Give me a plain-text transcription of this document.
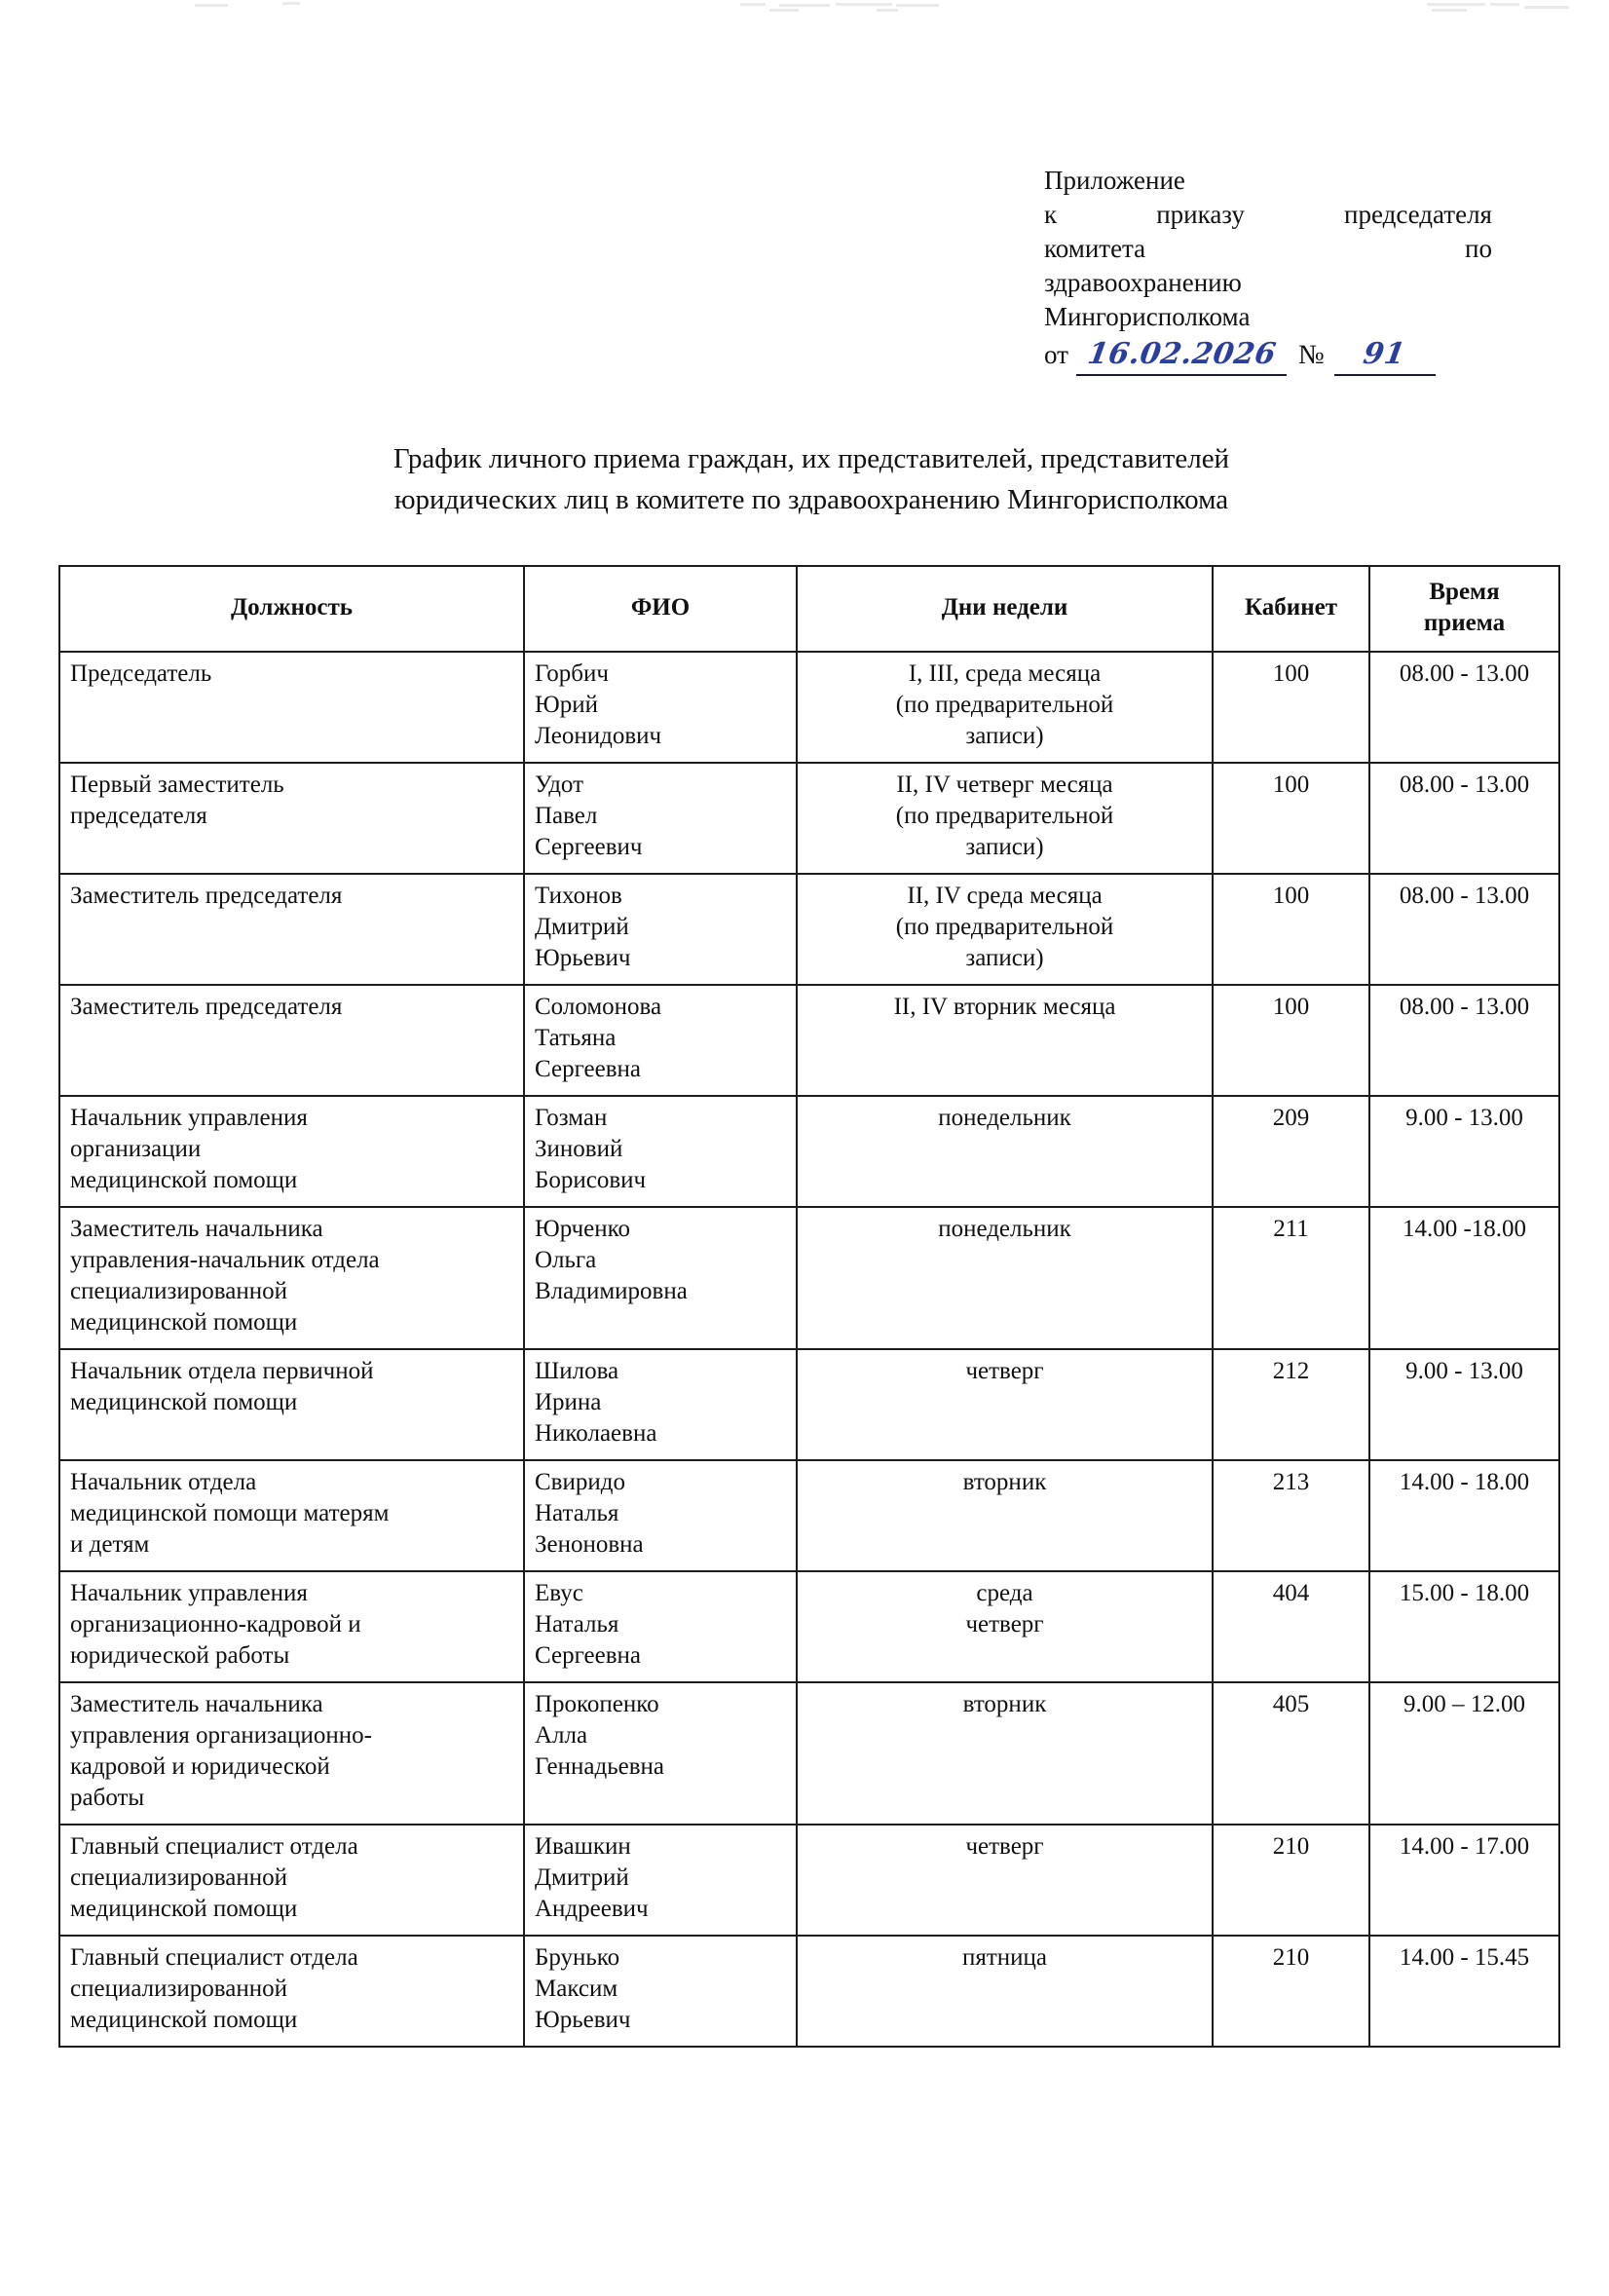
Приложение
к	приказу	председателя
комитета	по
здравоохранению
Мингорисполкома
от 16.02.2026 №	91
График личного приема граждан, их представителей, представителей
юридических лиц в комитете по здравоохранению Мингорисполкома
Должность	ФИО	Дни недели	Кабинет	Время
приема

Председатель	Горбич
Юрий
Леонидович	I, III, среда месяца
(по предварительной
записи)	100	08.00 - 13.00

Первый заместитель
председателя	Удот
Павел
Сергеевич	II, IV четверг месяца
(по предварительной
записи)	100	08.00 - 13.00

Заместитель председателя	Тихонов
Дмитрий
Юрьевич	II, IV среда месяца
(по предварительной
записи)	100	08.00 - 13.00

Заместитель председателя	Соломонова
Татьяна
Сергеевна	II, IV вторник месяца	100	08.00 - 13.00

Начальник управления
организации
медицинской помощи	Гозман
Зиновий
Борисович	понедельник	209	9.00 - 13.00

Заместитель начальника
управления-начальник отдела
специализированной
медицинской помощи	Юрченко
Ольга
Владимировна	понедельник	211	14.00 -18.00

Начальник отдела первичной
медицинской помощи	Шилова
Ирина
Николаевна	четверг	212	9.00 - 13.00

Начальник отдела
медицинской помощи матерям
и детям	Свиридо
Наталья
Зеноновна	вторник	213	14.00 - 18.00

Начальник управления
организационно-кадровой и
юридической работы	Евус
Наталья
Сергеевна	среда
четверг	404	15.00 - 18.00

Заместитель начальника
управления организационно-
кадровой и юридической
работы	Прокопенко
Алла
Геннадьевна	вторник	405	9.00 – 12.00

Главный специалист отдела
специализированной
медицинской помощи	Ивашкин
Дмитрий
Андреевич	четверг	210	14.00 - 17.00

Главный специалист отдела
специализированной
медицинской помощи	Брунько
Максим
Юрьевич	пятница	210	14.00 - 15.45
